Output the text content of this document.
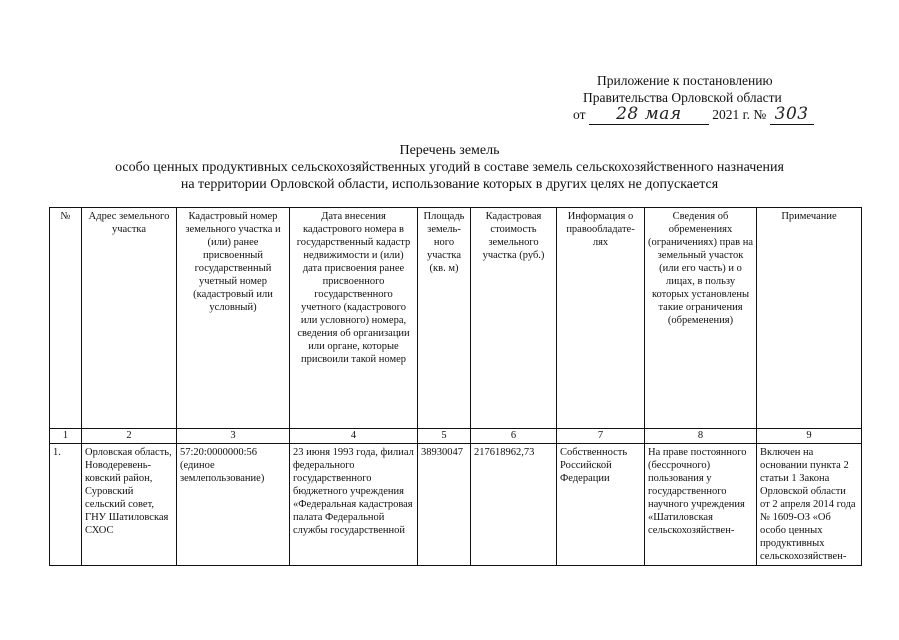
Приложение к постановлению
Правительства Орловской области
от 28 мая 2021 г. № 303
Перечень земель
особо ценных продуктивных сельскохозяйственных угодий в составе земель сельскохозяйственного назначения
на территории Орловской области, использование которых в других целях не допускается
№	Адрес земельного участка	Кадастровый номер земельного участка и (или) ранее присвоенный государственный учетный номер (кадастровый или условный)	Дата внесения кадастрового номера в государственный кадастр недвижимости и (или) дата присвоения ранее присвоенного государственного учетного (кадастрового или условного) номера, сведения об организации или органе, которые присвоили такой номер	Площадь земель-ного участка (кв. м)	Кадастровая стоимость земельного участка (руб.)	Информация о правообладате-лях	Сведения об обременениях (ограничениях) прав на земельный участок (или его часть) и о лицах, в пользу которых установлены такие ограничения (обременения)	Примечание
1	2	3	4	5	6	7	8	9
1.	Орловская область, Новодеревень-ковский район, Суровский сельский совет, ГНУ Шатиловская СХОС	57:20:0000000:56 (единое землепользование)	23 июня 1993 года, филиал федерального государственного бюджетного учреждения «Федеральная кадастровая палата Федеральной службы государственной	38930047	217618962,73	Собственность Российской Федерации	На праве постоянного (бессрочного) пользования у государственного научного учреждения «Шатиловская сельскохозяйствен-	Включен на основании пункта 2 статьи 1 Закона Орловской области от 2 апреля 2014 года № 1609-ОЗ «Об особо ценных продуктивных сельскохозяйствен-
